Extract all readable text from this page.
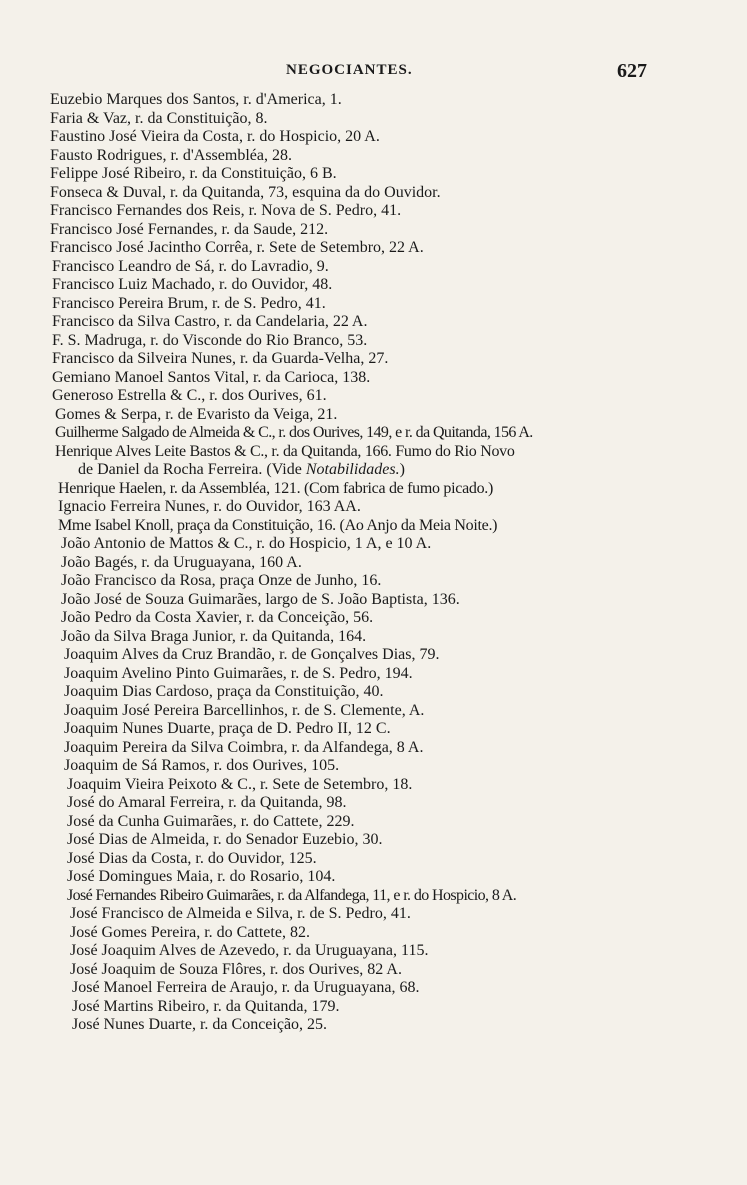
NEGOCIANTES.	627
Euzebio Marques dos Santos, r. d'America, 1.
Faria & Vaz, r. da Constituição, 8.
Faustino José Vieira da Costa, r. do Hospicio, 20 A.
Fausto Rodrigues, r. d'Assembléa, 28.
Felippe José Ribeiro, r. da Constituição, 6 B.
Fonseca & Duval, r. da Quitanda, 73, esquina da do Ouvidor.
Francisco Fernandes dos Reis, r. Nova de S. Pedro, 41.
Francisco José Fernandes, r. da Saude, 212.
Francisco José Jacintho Corrêa, r. Sete de Setembro, 22 A.
Francisco Leandro de Sá, r. do Lavradio, 9.
Francisco Luiz Machado, r. do Ouvidor, 48.
Francisco Pereira Brum, r. de S. Pedro, 41.
Francisco da Silva Castro, r. da Candelaria, 22 A.
F. S. Madruga, r. do Visconde do Rio Branco, 53.
Francisco da Silveira Nunes, r. da Guarda-Velha, 27.
Gemiano Manoel Santos Vital, r. da Carioca, 138.
Generoso Estrella & C., r. dos Ourives, 61.
Gomes & Serpa, r. de Evaristo da Veiga, 21.
Guilherme Salgado de Almeida & C., r. dos Ourives, 149, e r. da Quitanda, 156 A.
Henrique Alves Leite Bastos & C., r. da Quitanda, 166. Fumo do Rio Novo
de Daniel da Rocha Ferreira. (Vide Notabilidades.)
Henrique Haelen, r. da Assembléa, 121. (Com fabrica de fumo picado.)
Ignacio Ferreira Nunes, r. do Ouvidor, 163 AA.
Mme Isabel Knoll, praça da Constituição, 16. (Ao Anjo da Meia Noite.)
João Antonio de Mattos & C., r. do Hospicio, 1 A, e 10 A.
João Bagés, r. da Uruguayana, 160 A.
João Francisco da Rosa, praça Onze de Junho, 16.
João José de Souza Guimarães, largo de S. João Baptista, 136.
João Pedro da Costa Xavier, r. da Conceição, 56.
João da Silva Braga Junior, r. da Quitanda, 164.
Joaquim Alves da Cruz Brandão, r. de Gonçalves Dias, 79.
Joaquim Avelino Pinto Guimarães, r. de S. Pedro, 194.
Joaquim Dias Cardoso, praça da Constituição, 40.
Joaquim José Pereira Barcellinhos, r. de S. Clemente, A.
Joaquim Nunes Duarte, praça de D. Pedro II, 12 C.
Joaquim Pereira da Silva Coimbra, r. da Alfandega, 8 A.
Joaquim de Sá Ramos, r. dos Ourives, 105.
Joaquim Vieira Peixoto & C., r. Sete de Setembro, 18.
José do Amaral Ferreira, r. da Quitanda, 98.
José da Cunha Guimarães, r. do Cattete, 229.
José Dias de Almeida, r. do Senador Euzebio, 30.
José Dias da Costa, r. do Ouvidor, 125.
José Domingues Maia, r. do Rosario, 104.
José Fernandes Ribeiro Guimarães, r. da Alfandega, 11, e r. do Hospicio, 8 A.
José Francisco de Almeida e Silva, r. de S. Pedro, 41.
José Gomes Pereira, r. do Cattete, 82.
José Joaquim Alves de Azevedo, r. da Uruguayana, 115.
José Joaquim de Souza Flôres, r. dos Ourives, 82 A.
José Manoel Ferreira de Araujo, r. da Uruguayana, 68.
José Martins Ribeiro, r. da Quitanda, 179.
José Nunes Duarte, r. da Conceição, 25.
